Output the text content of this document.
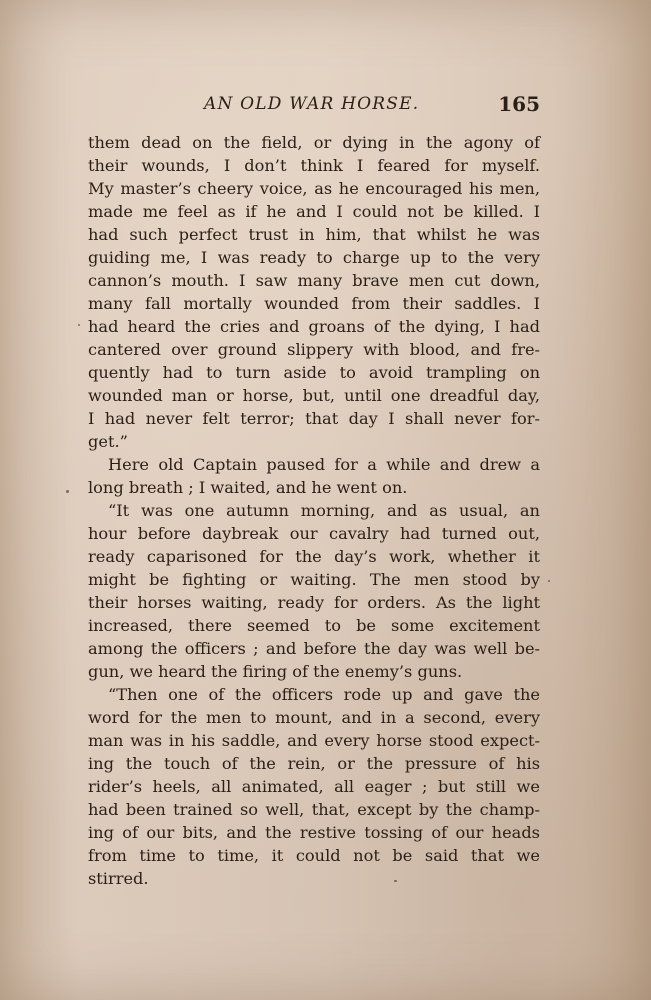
AN OLD WAR HORSE.	165
them dead on the field, or dying in the agony of
their wounds, I don’t think I feared for myself.
My master’s cheery voice, as he encouraged his men,
made me feel as if he and I could not be killed. I
had such perfect trust in him, that whilst he was
guiding me, I was ready to charge up to the very
cannon’s mouth. I saw many brave men cut down,
many fall mortally wounded from their saddles. I
had heard the cries and groans of the dying, I had
cantered over ground slippery with blood, and fre-
quently had to turn aside to avoid trampling on
wounded man or horse, but, until one dreadful day,
I had never felt terror; that day I shall never for-
get.”
Here old Captain paused for a while and drew a
long breath ; I waited, and he went on.
“It was one autumn morning, and as usual, an
hour before daybreak our cavalry had turned out,
ready caparisoned for the day’s work, whether it
might be fighting or waiting. The men stood by
their horses waiting, ready for orders. As the light
increased, there seemed to be some excitement
among the officers ; and before the day was well be-
gun, we heard the firing of the enemy’s guns.
“Then one of the officers rode up and gave the
word for the men to mount, and in a second, every
man was in his saddle, and every horse stood expect-
ing the touch of the rein, or the pressure of his
rider’s heels, all animated, all eager ; but still we
had been trained so well, that, except by the champ-
ing of our bits, and the restive tossing of our heads
from time to time, it could not be said that we
stirred.
